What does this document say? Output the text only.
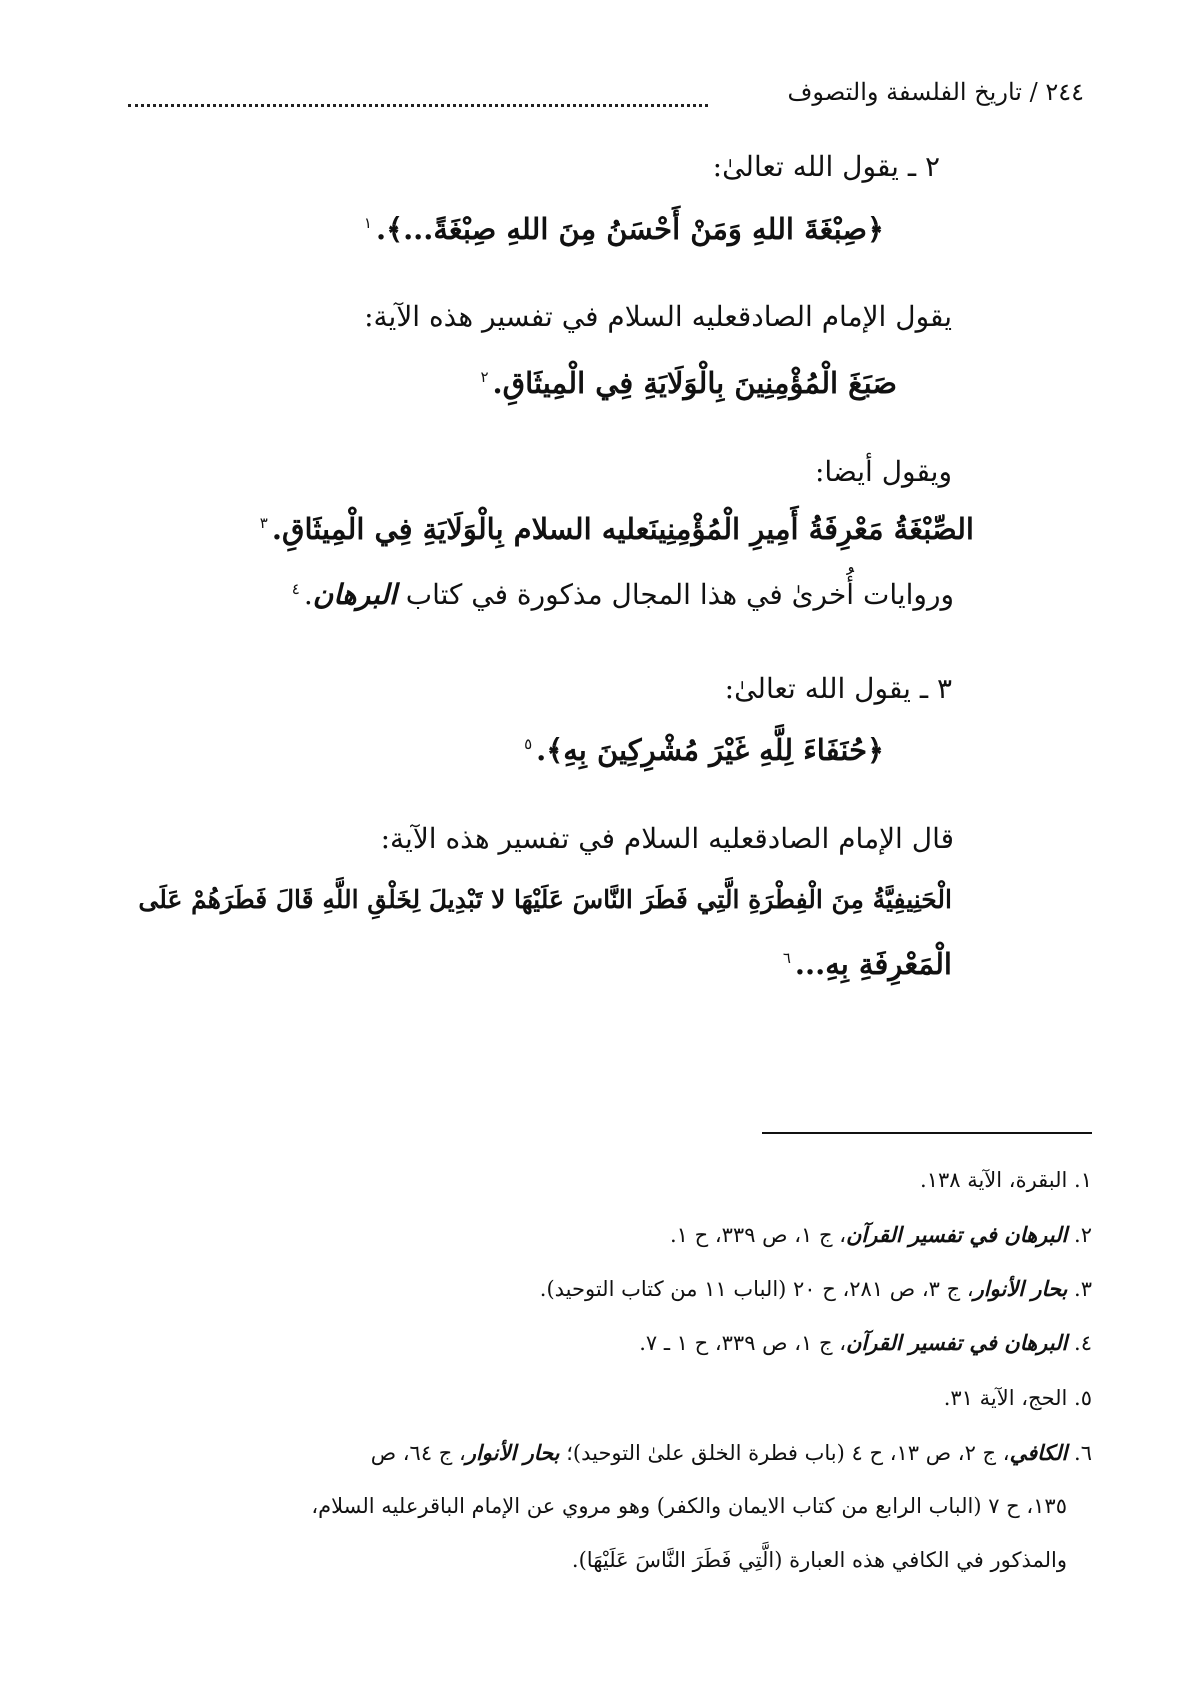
٢٤٤ / تاريخ الفلسفة والتصوف
٢ ـ يقول الله تعالىٰ:
﴿صِبْغَةَ اللهِ وَمَنْ أَحْسَنُ مِنَ اللهِ صِبْغَةً...﴾.$^١$
يقول الإمام الصادقعليه السلام في تفسير هذه الآية:
صَبَغَ الْمُؤْمِنِينَ بِالْوَلَايَةِ فِي الْمِيثَاقِ.$^٢$
ويقول أيضا:
الصِّبْغَةُ مَعْرِفَةُ أَمِيرِ الْمُؤْمِنِينَعليه السلام بِالْوَلَايَةِ فِي الْمِيثَاقِ.$^٣$
وروايات أُخرىٰ في هذا المجال مذكورة في كتاب البرهان.$^٤$
٣ ـ يقول الله تعالىٰ:
﴿حُنَفَاءَ لِلَّهِ غَيْرَ مُشْرِكِينَ بِهِ﴾.$^٥$
قال الإمام الصادقعليه السلام في تفسير هذه الآية:
الْحَنِيفِيَّةُ مِنَ الْفِطْرَةِ الَّتِي فَطَرَ النَّاسَ عَلَيْهَا لا تَبْدِيلَ لِخَلْقِ اللَّهِ قَالَ فَطَرَهُمْ عَلَى
الْمَعْرِفَةِ بِهِ...$^٦$
١. البقرة، الآية ١٣٨.
٢. البرهان في تفسير القرآن، ج ١، ص ٣٣٩، ح ١.
٣. بحار الأنوار، ج ٣، ص ٢٨١، ح ٢٠ (الباب ١١ من كتاب التوحيد).
٤. البرهان في تفسير القرآن، ج ١، ص ٣٣٩، ح ١ ـ ٧.
٥. الحج، الآية ٣١.
٦. الكافي، ج ٢، ص ١٣، ح ٤ (باب فطرة الخلق علىٰ التوحيد)؛ بحار الأنوار، ج ٦٤، ص
١٣٥، ح ٧ (الباب الرابع من كتاب الايمان والكفر) وهو مروي عن الإمام الباقرعليه السلام،
والمذكور في الكافي هذه العبارة (الَّتِي فَطَرَ النَّاسَ عَلَيْهَا).
